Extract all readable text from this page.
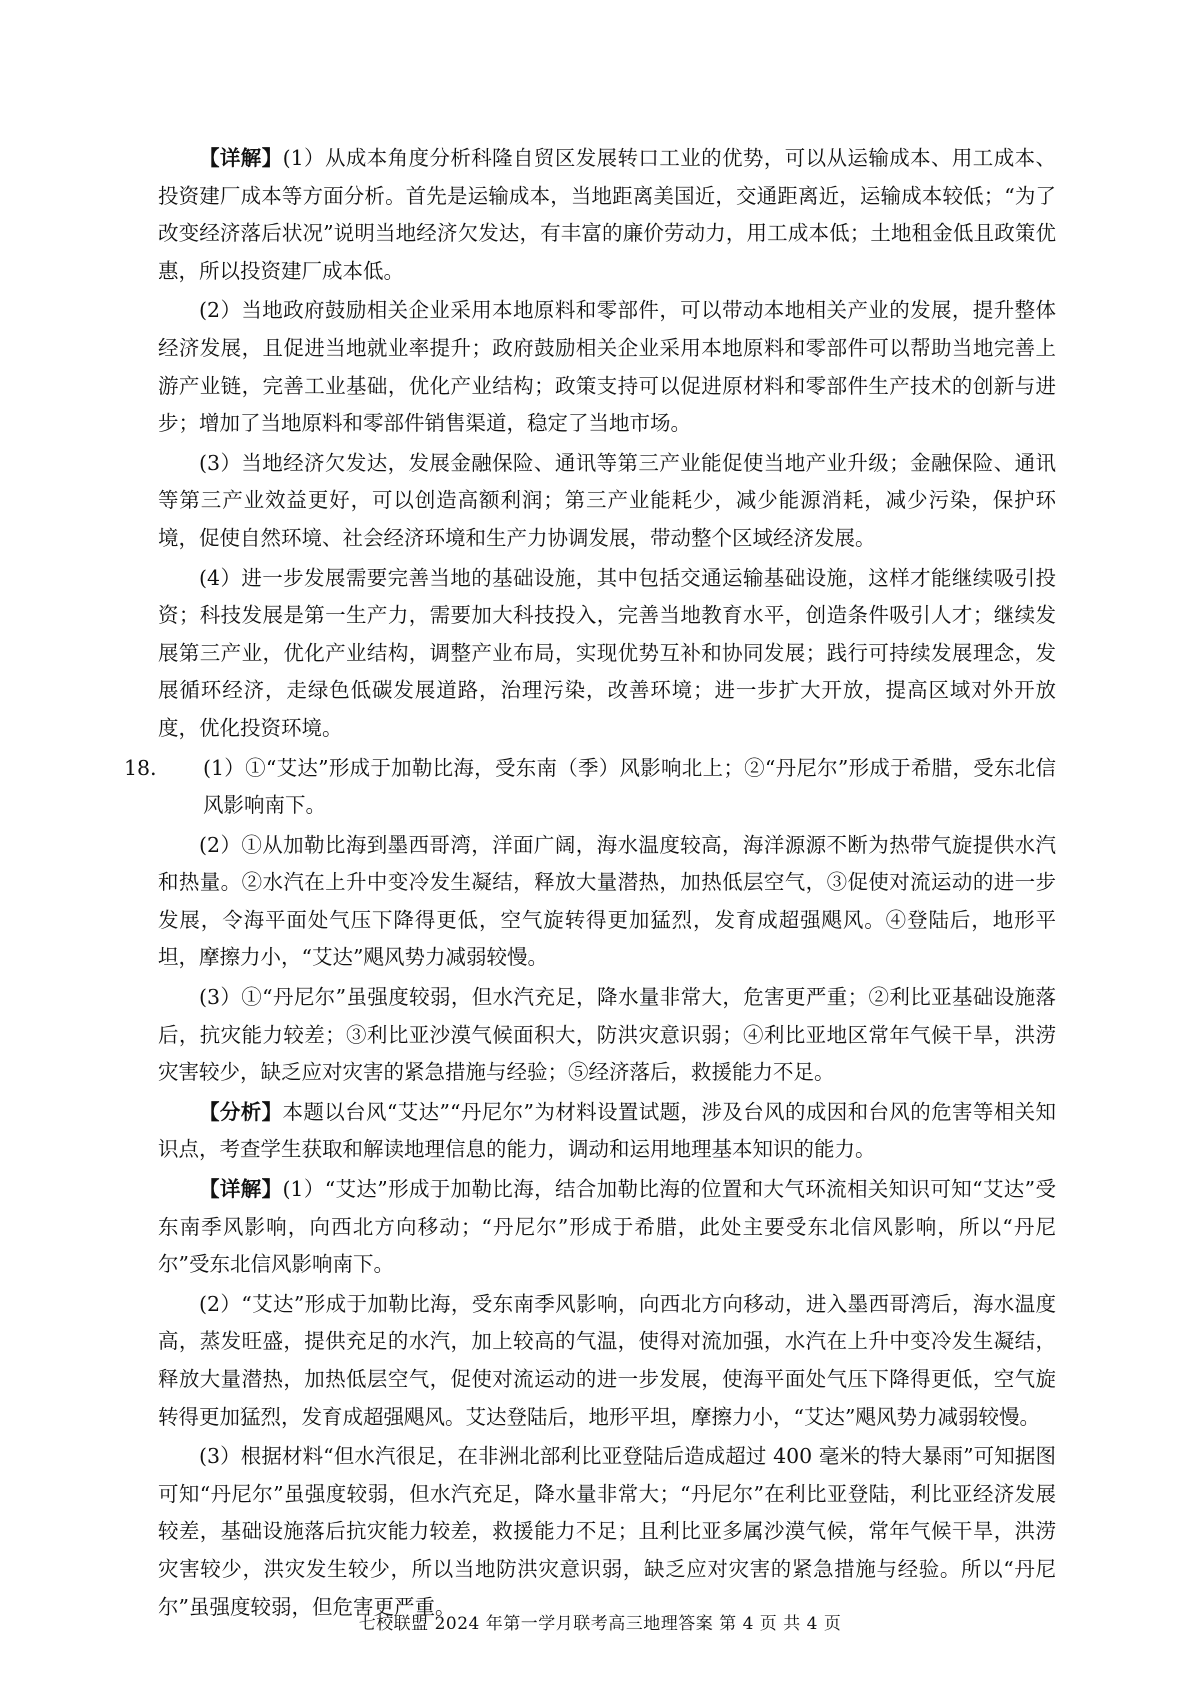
【详解】(1）从成本角度分析科隆自贸区发展转口工业的优势，可以从运输成本、用工成本、投资建厂成本等方面分析。首先是运输成本，当地距离美国近，交通距离近，运输成本较低；“为了改变经济落后状况”说明当地经济欠发达，有丰富的廉价劳动力，用工成本低；土地租金低且政策优惠，所以投资建厂成本低。

(2）当地政府鼓励相关企业采用本地原料和零部件，可以带动本地相关产业的发展，提升整体经济发展，且促进当地就业率提升；政府鼓励相关企业采用本地原料和零部件可以帮助当地完善上游产业链，完善工业基础，优化产业结构；政策支持可以促进原材料和零部件生产技术的创新与进步；增加了当地原料和零部件销售渠道，稳定了当地市场。

(3）当地经济欠发达，发展金融保险、通讯等第三产业能促使当地产业升级；金融保险、通讯等第三产业效益更好，可以创造高额利润；第三产业能耗少，减少能源消耗，减少污染，保护环境，促使自然环境、社会经济环境和生产力协调发展，带动整个区域经济发展。

(4）进一步发展需要完善当地的基础设施，其中包括交通运输基础设施，这样才能继续吸引投资；科技发展是第一生产力，需要加大科技投入，完善当地教育水平，创造条件吸引人才；继续发展第三产业，优化产业结构，调整产业布局，实现优势互补和协同发展；践行可持续发展理念，发展循环经济，走绿色低碳发展道路，治理污染，改善环境；进一步扩大开放，提高区域对外开放度，优化投资环境。

18． (1）①“艾达”形成于加勒比海，受东南（季）风影响北上；②“丹尼尔”形成于希腊，受东北信风影响南下。

(2）①从加勒比海到墨西哥湾，洋面广阔，海水温度较高，海洋源源不断为热带气旋提供水汽和热量。②水汽在上升中变冷发生凝结，释放大量潜热，加热低层空气，③促使对流运动的进一步发展，令海平面处气压下降得更低，空气旋转得更加猛烈，发育成超强飓风。④登陆后，地形平坦，摩擦力小，“艾达”飓风势力减弱较慢。

(3）①“丹尼尔”虽强度较弱，但水汽充足，降水量非常大，危害更严重；②利比亚基础设施落后，抗灾能力较差；③利比亚沙漠气候面积大，防洪灾意识弱；④利比亚地区常年气候干旱，洪涝灾害较少，缺乏应对灾害的紧急措施与经验；⑤经济落后，救援能力不足。

【分析】本题以台风“艾达”“丹尼尔”为材料设置试题，涉及台风的成因和台风的危害等相关知识点，考查学生获取和解读地理信息的能力，调动和运用地理基本知识的能力。

【详解】(1）“艾达”形成于加勒比海，结合加勒比海的位置和大气环流相关知识可知“艾达”受东南季风影响，向西北方向移动；“丹尼尔”形成于希腊，此处主要受东北信风影响，所以“丹尼尔”受东北信风影响南下。

(2）“艾达”形成于加勒比海，受东南季风影响，向西北方向移动，进入墨西哥湾后，海水温度高，蒸发旺盛，提供充足的水汽，加上较高的气温，使得对流加强，水汽在上升中变冷发生凝结，释放大量潜热，加热低层空气，促使对流运动的进一步发展，使海平面处气压下降得更低，空气旋转得更加猛烈，发育成超强飓风。艾达登陆后，地形平坦，摩擦力小，“艾达”飓风势力减弱较慢。

(3）根据材料“但水汽很足，在非洲北部利比亚登陆后造成超过 400 毫米的特大暴雨”可知据图可知“丹尼尔”虽强度较弱，但水汽充足，降水量非常大；“丹尼尔”在利比亚登陆，利比亚经济发展较差，基础设施落后抗灾能力较差，救援能力不足；且利比亚多属沙漠气候，常年气候干旱，洪涝灾害较少，洪灾发生较少，所以当地防洪灾意识弱，缺乏应对灾害的紧急措施与经验。所以“丹尼尔”虽强度较弱，但危害更严重。

七校联盟 2024 年第一学月联考高三地理答案 第 4 页 共 4 页
